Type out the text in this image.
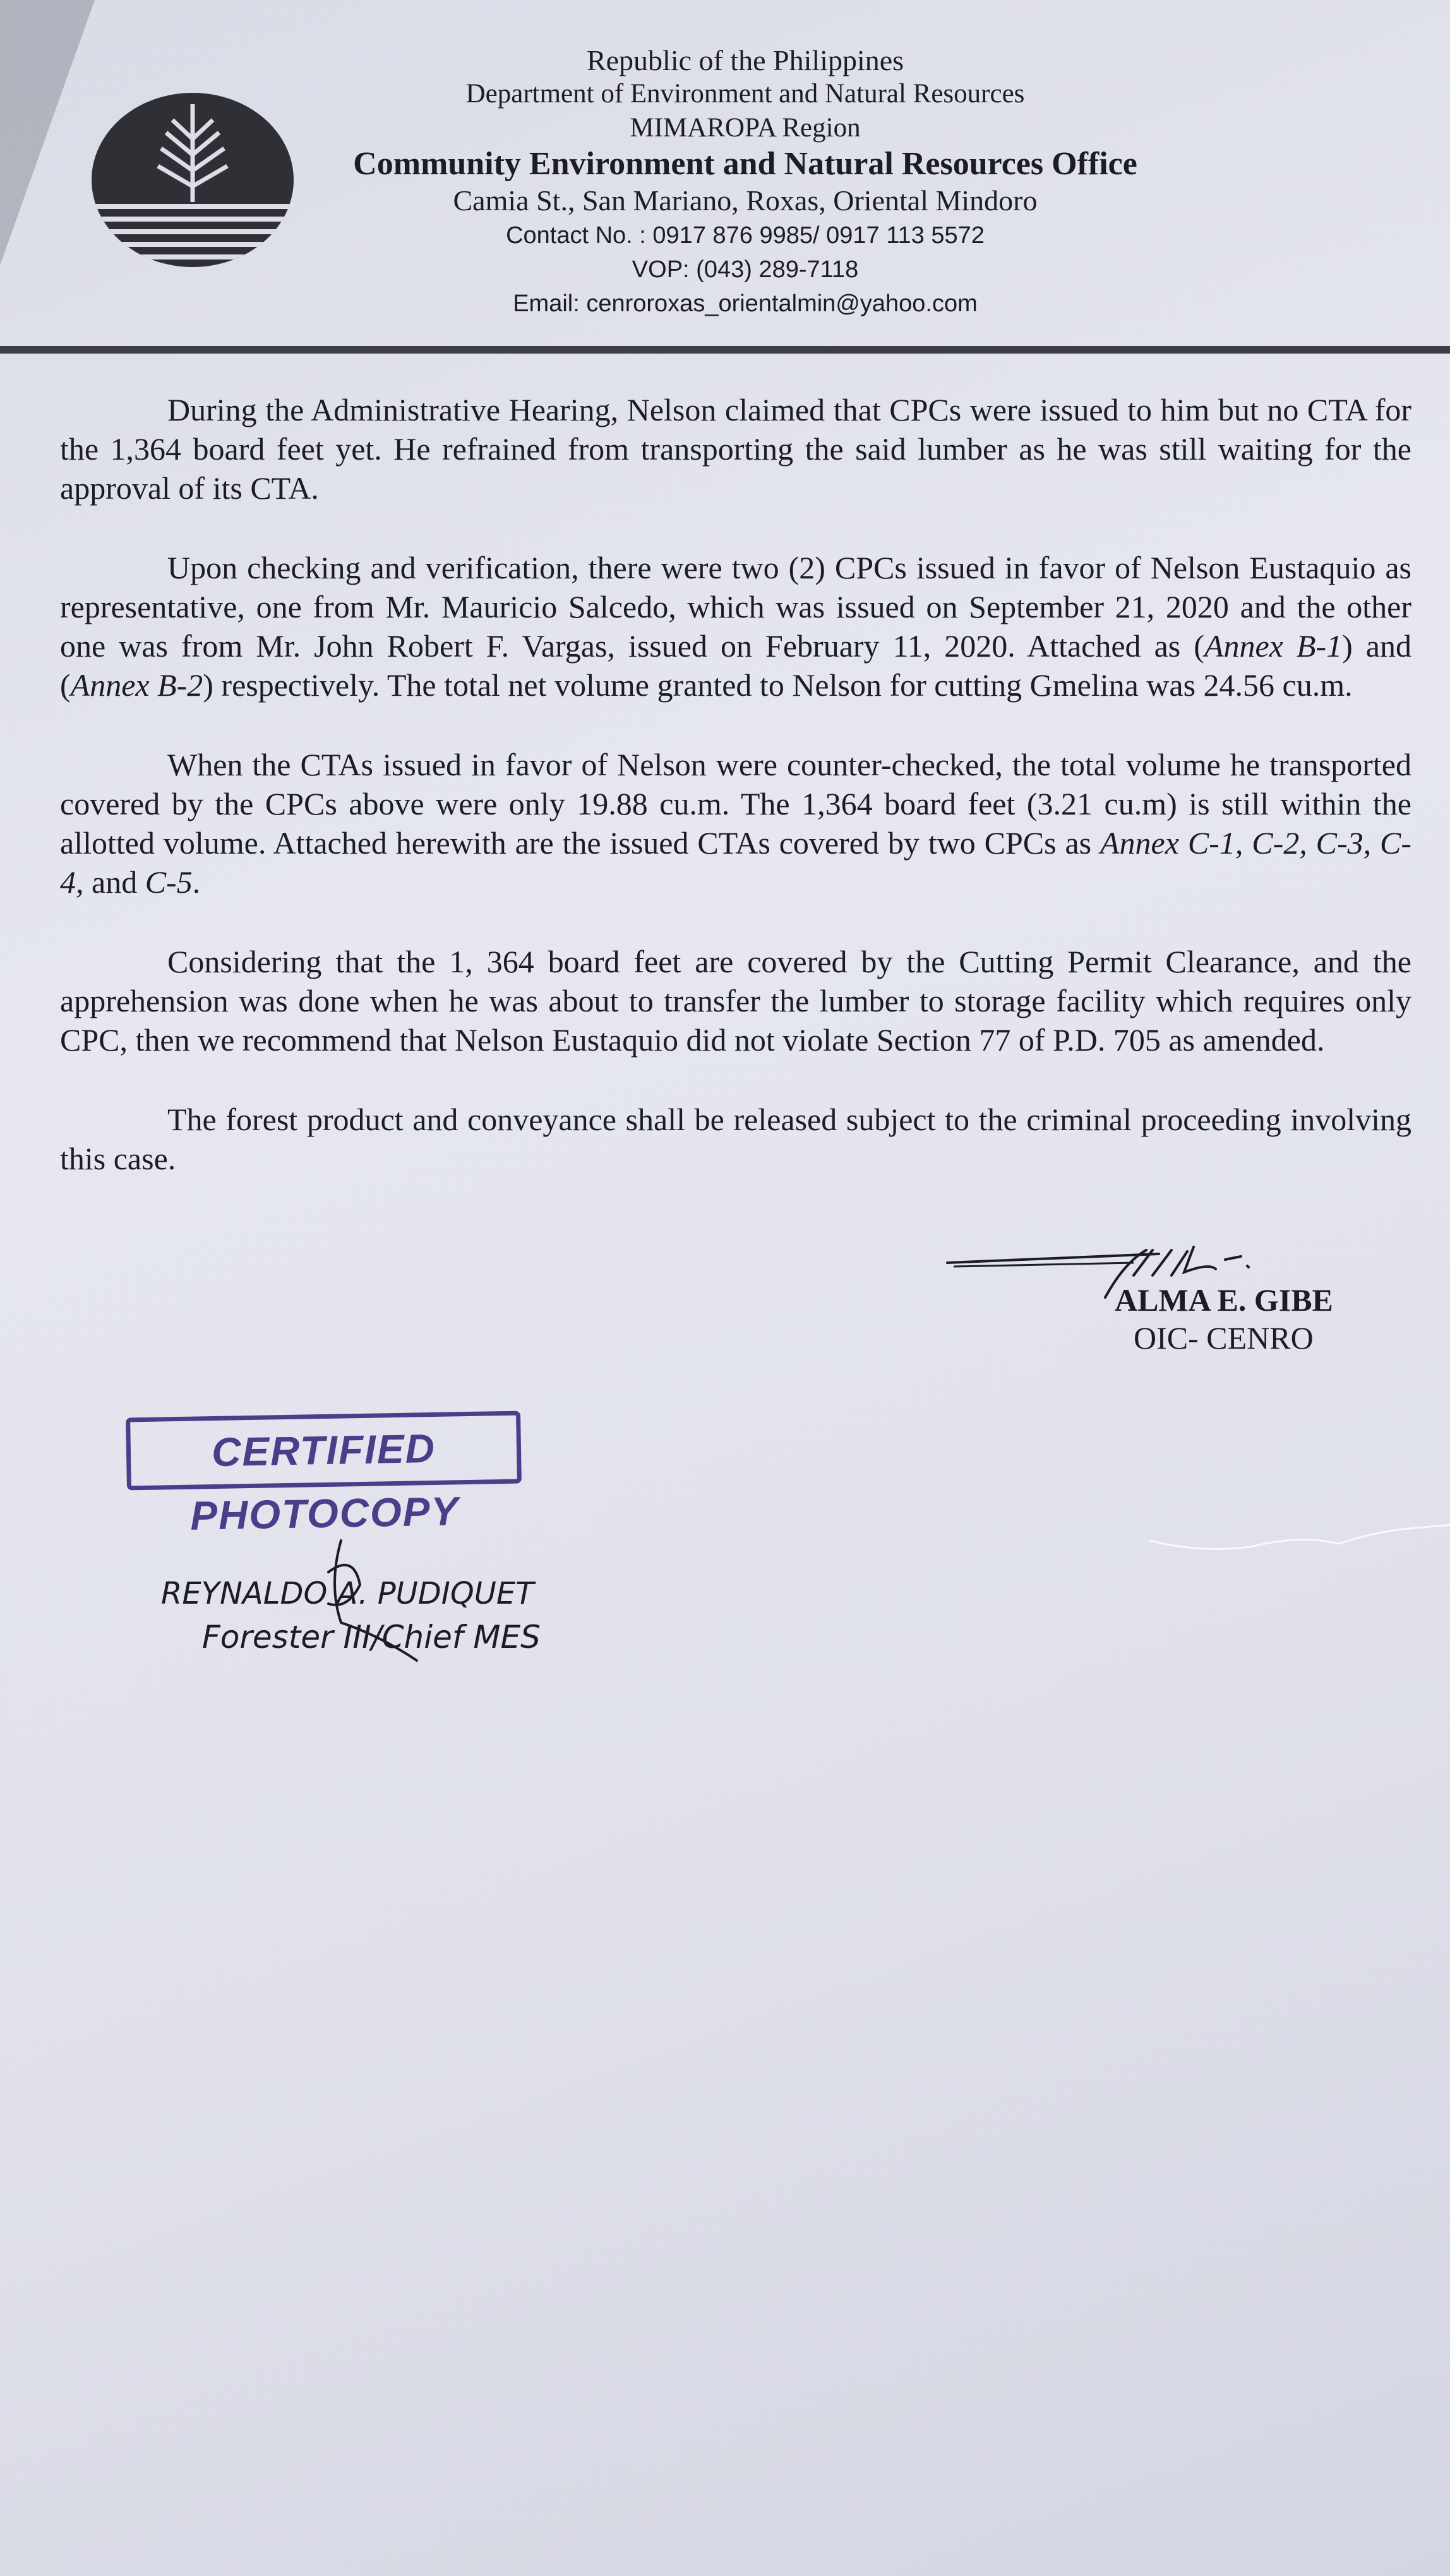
Republic of the Philippines
Department of Environment and Natural Resources
MIMAROPA Region
Community Environment and Natural Resources Office
Camia St., San Mariano, Roxas, Oriental Mindoro
Contact No. : 0917 876 9985/ 0917 113 5572
VOP: (043) 289-7118
Email: cenroroxas_orientalmin@yahoo.com

During the Administrative Hearing, Nelson claimed that CPCs were issued to him but no CTA for the 1,364 board feet yet. He refrained from transporting the said lumber as he was still waiting for the approval of its CTA.

Upon checking and verification, there were two (2) CPCs issued in favor of Nelson Eustaquio as representative, one from Mr. Mauricio Salcedo, which was issued on September 21, 2020 and the other one was from Mr. John Robert F. Vargas, issued on February 11, 2020. Attached as (Annex B-1) and (Annex B-2) respectively. The total net volume granted to Nelson for cutting Gmelina was 24.56 cu.m.

When the CTAs issued in favor of Nelson were counter-checked, the total volume he transported covered by the CPCs above were only 19.88 cu.m. The 1,364 board feet (3.21 cu.m) is still within the allotted volume. Attached herewith are the issued CTAs covered by two CPCs as Annex C-1, C-2, C-3, C-4, and C-5.

Considering that the 1, 364 board feet are covered by the Cutting Permit Clearance, and the apprehension was done when he was about to transfer the lumber to storage facility which requires only CPC, then we recommend that Nelson Eustaquio did not violate Section 77 of P.D. 705 as amended.

The forest product and conveyance shall be released subject to the criminal proceeding involving this case.

ALMA E. GIBE
OIC- CENRO
CERTIFIED PHOTOCOPY
REYNALDO A. PUDIQUET
Forester III/Chief MES
